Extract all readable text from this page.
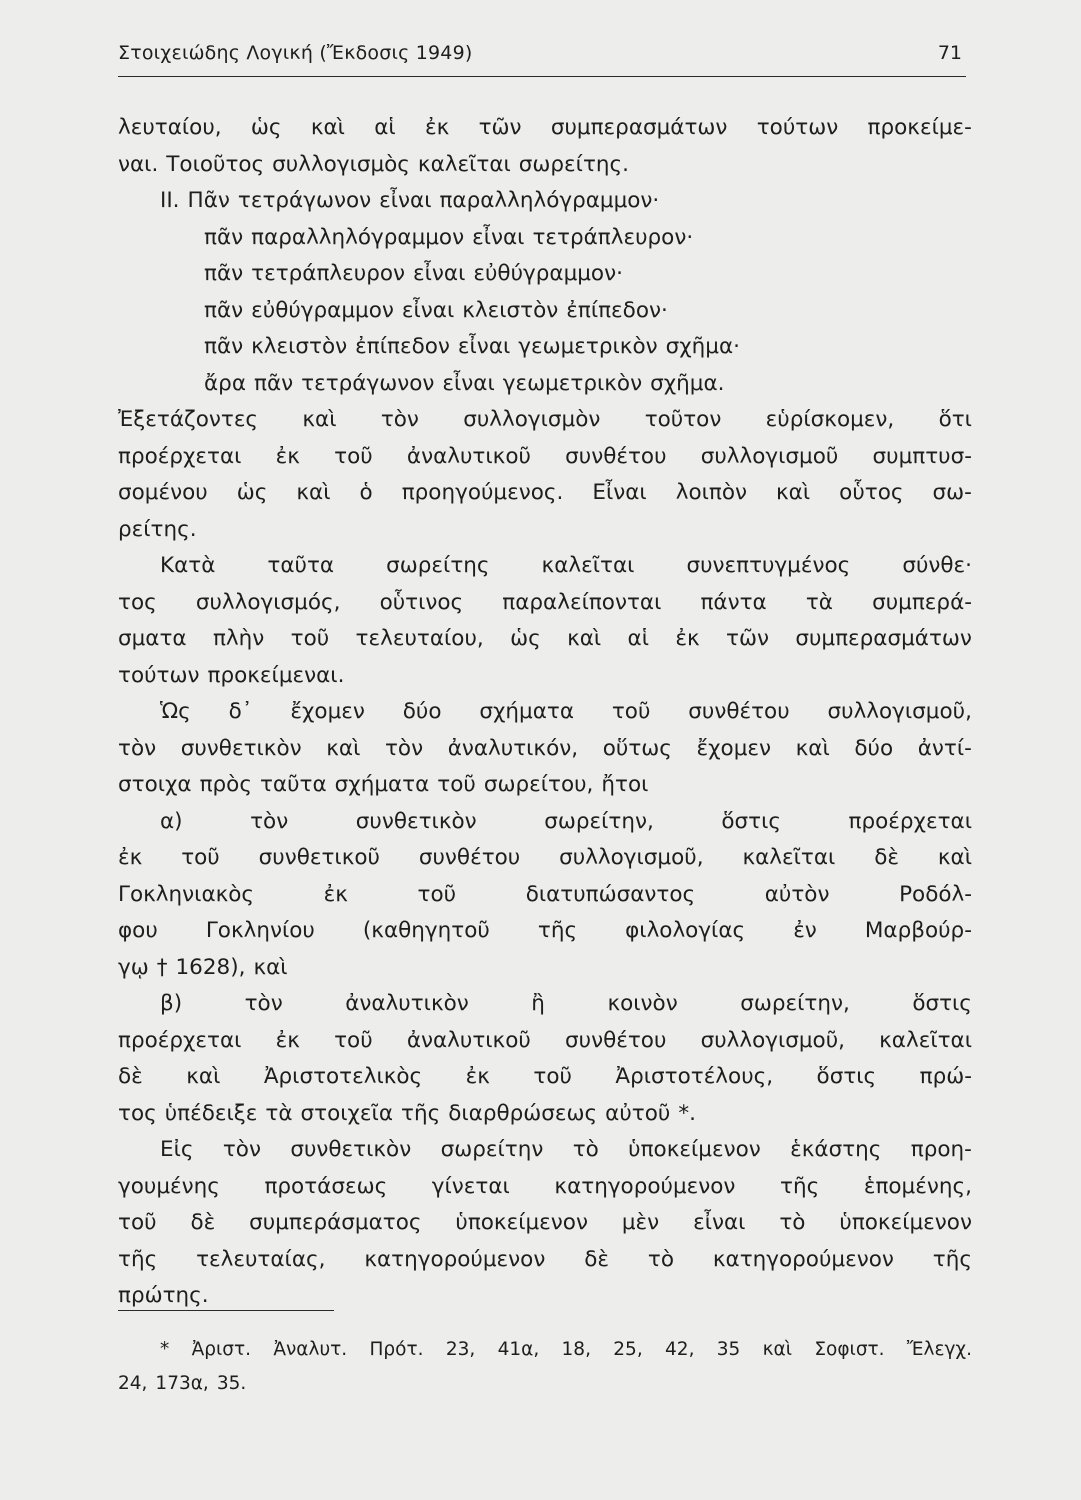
Στοιχειώδης Λογική (Ἔκδοσις 1949)	71
λευταίου, ὡς καὶ αἱ ἐκ τῶν συμπερασμάτων τούτων προκείμε-
ναι. Τοιοῦτος συλλογισμὸς καλεῖται σωρείτης.
ΙΙ. Πᾶν τετράγωνον εἶναι παραλληλόγραμμον·
πᾶν παραλληλόγραμμον εἶναι τετράπλευρον·
πᾶν τετράπλευρον εἶναι εὐθύγραμμον·
πᾶν εὐθύγραμμον εἶναι κλειστὸν ἐπίπεδον·
πᾶν κλειστὸν ἐπίπεδον εἶναι γεωμετρικὸν σχῆμα·
ἄρα πᾶν τετράγωνον εἶναι γεωμετρικὸν σχῆμα.
Ἐξετάζοντες καὶ τὸν συλλογισμὸν τοῦτον εὑρίσκομεν, ὅτι
προέρχεται ἐκ τοῦ ἀναλυτικοῦ συνθέτου συλλογισμοῦ συμπτυσ-
σομένου ὡς καὶ ὁ προηγούμενος. Εἶναι λοιπὸν καὶ οὗτος σω-
ρείτης.
Κατὰ ταῦτα σωρείτης καλεῖται συνεπτυγμένος σύνθε·
τος συλλογισμός, οὗτινος παραλείπονται πάντα τὰ συμπερά-
σματα πλὴν τοῦ τελευταίου, ὡς καὶ αἱ ἐκ τῶν συμπερασμάτων
τούτων προκείμεναι.
Ὡς δ᾽ ἔχομεν δύο σχήματα τοῦ συνθέτου συλλογισμοῦ,
τὸν συνθετικὸν καὶ τὸν ἀναλυτικόν, οὕτως ἔχομεν καὶ δύο ἀντί-
στοιχα πρὸς ταῦτα σχήματα τοῦ σωρείτου, ἤτοι
α)	τὸν	συνθετικὸν	σωρείτην,	ὅστις	προέρχεται
ἐκ τοῦ συνθετικοῦ συνθέτου συλλογισμοῦ, καλεῖται δὲ καὶ
Γοκληνιακὸς	ἐκ	τοῦ	διατυπώσαντος	αὐτὸν	Ροδόλ-
φου Γοκληνίου (καθηγητοῦ τῆς φιλολογίας ἐν Μαρβούρ-
γῳ † 1628), καὶ
β)	τὸν	ἀναλυτικὸν	ἢ	κοινὸν	σωρείτην,	ὅστις
προέρχεται ἐκ τοῦ ἀναλυτικοῦ συνθέτου συλλογισμοῦ, καλεῖται
δὲ καὶ Ἀριστοτελικὸς ἐκ τοῦ Ἀριστοτέλους, ὅστις πρώ-
τος ὑπέδειξε τὰ στοιχεῖα τῆς διαρθρώσεως αὐτοῦ *.
Εἰς τὸν συνθετικὸν σωρείτην τὸ ὑποκείμενον ἑκάστης προη-
γουμένης προτάσεως γίνεται κατηγορούμενον τῆς ἑπομένης,
τοῦ δὲ συμπεράσματος ὑποκείμενον μὲν εἶναι τὸ ὑποκείμενον
τῆς τελευταίας, κατηγορούμενον δὲ τὸ κατηγορούμενον τῆς
πρώτης.
* Ἀριστ. Ἀναλυτ. Πρότ. 23, 41α, 18, 25, 42, 35 καὶ Σοφιστ. Ἔλεγχ.
24, 173α, 35.
